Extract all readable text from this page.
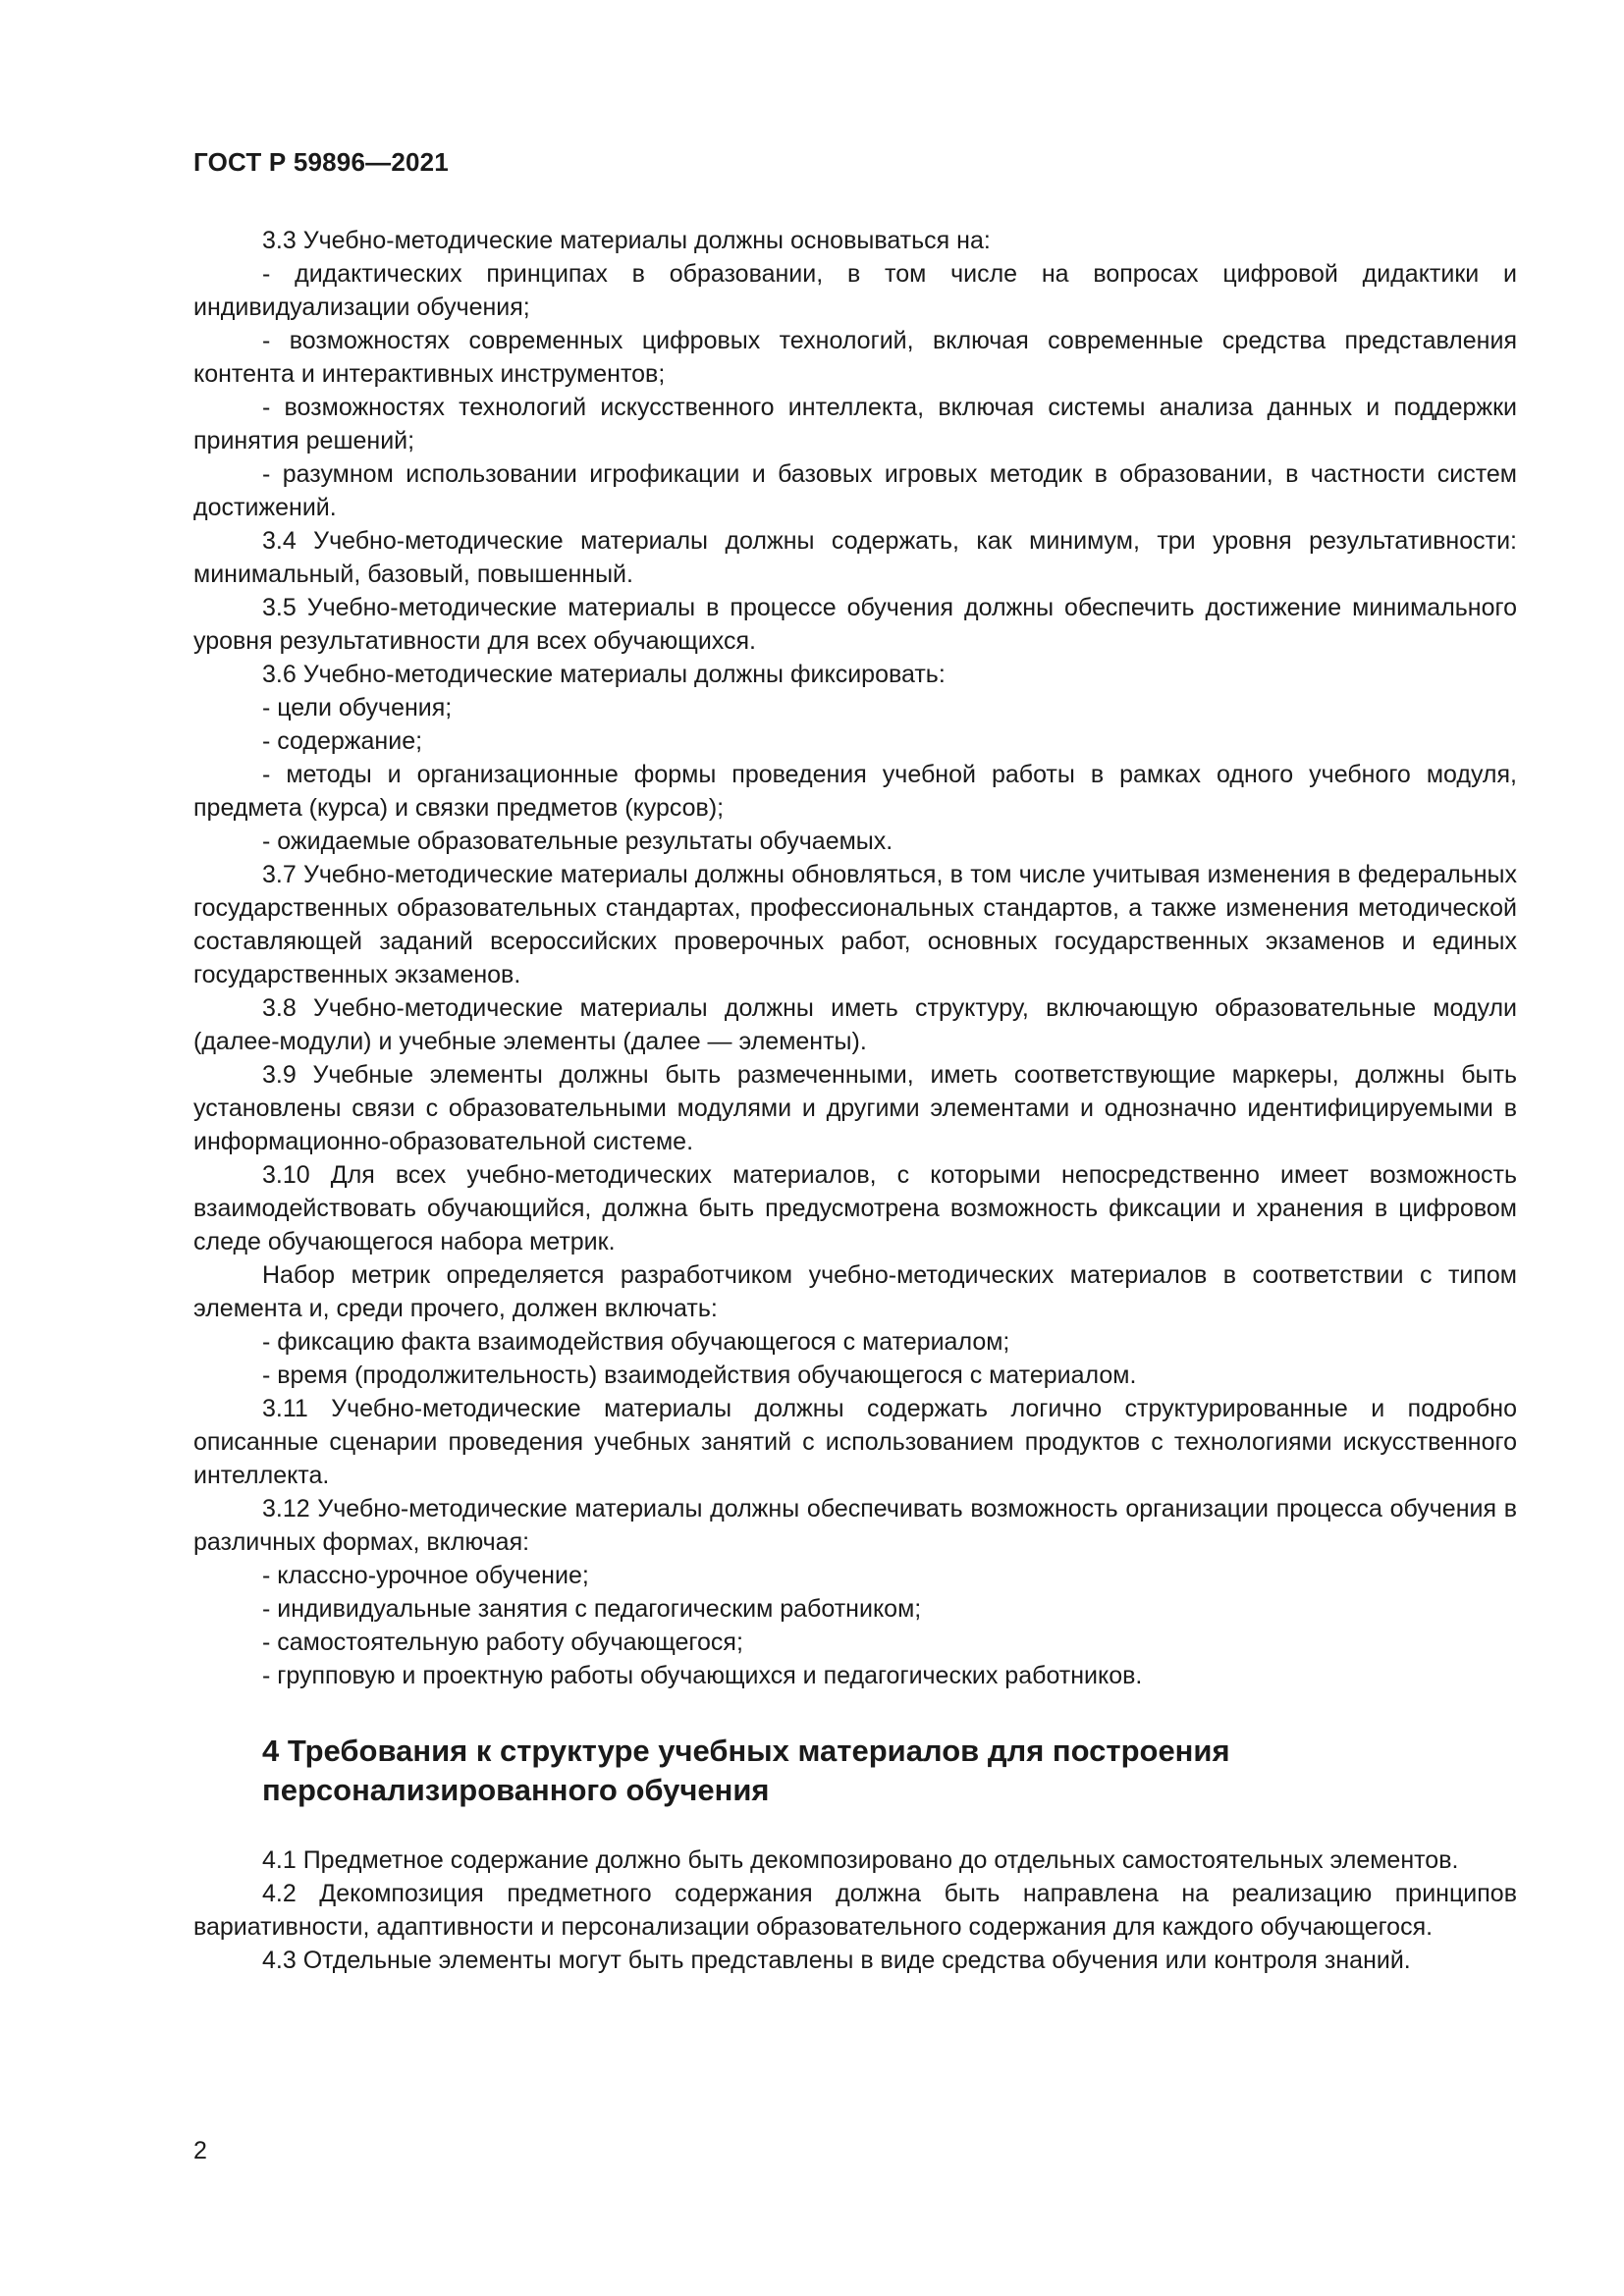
ГОСТ Р 59896—2021

3.3 Учебно-методические материалы должны основываться на:

- дидактических принципах в образовании, в том числе на вопросах цифровой дидактики и индивидуализации обучения;

- возможностях современных цифровых технологий, включая современные средства представления контента и интерактивных инструментов;

- возможностях технологий искусственного интеллекта, включая системы анализа данных и поддержки принятия решений;

- разумном использовании игрофикации и базовых игровых методик в образовании, в частности систем достижений.

3.4 Учебно-методические материалы должны содержать, как минимум, три уровня результативности: минимальный, базовый, повышенный.

3.5 Учебно-методические материалы в процессе обучения должны обеспечить достижение минимального уровня результативности для всех обучающихся.

3.6 Учебно-методические материалы должны фиксировать:

- цели обучения;

- содержание;

- методы и организационные формы проведения учебной работы в рамках одного учебного модуля, предмета (курса) и связки предметов (курсов);

- ожидаемые образовательные результаты обучаемых.

3.7 Учебно-методические материалы должны обновляться, в том числе учитывая изменения в федеральных государственных образовательных стандартах, профессиональных стандартов, а также изменения методической составляющей заданий всероссийских проверочных работ, основных государственных экзаменов и единых государственных экзаменов.

3.8 Учебно-методические материалы должны иметь структуру, включающую образовательные модули (далее-модули) и учебные элементы (далее — элементы).

3.9 Учебные элементы должны быть размеченными, иметь соответствующие маркеры, должны быть установлены связи с образовательными модулями и другими элементами и однозначно идентифицируемыми в информационно-образовательной системе.

3.10 Для всех учебно-методических материалов, с которыми непосредственно имеет возможность взаимодействовать обучающийся, должна быть предусмотрена возможность фиксации и хранения в цифровом следе обучающегося набора метрик.

Набор метрик определяется разработчиком учебно-методических материалов в соответствии с типом элемента и, среди прочего, должен включать:

- фиксацию факта взаимодействия обучающегося с материалом;

- время (продолжительность) взаимодействия обучающегося с материалом.

3.11 Учебно-методические материалы должны содержать логично структурированные и подробно описанные сценарии проведения учебных занятий с использованием продуктов с технологиями искусственного интеллекта.

3.12 Учебно-методические материалы должны обеспечивать возможность организации процесса обучения в различных формах, включая:

- классно-урочное обучение;

- индивидуальные занятия с педагогическим работником;

- самостоятельную работу обучающегося;

- групповую и проектную работы обучающихся и педагогических работников.

4 Требования к структуре учебных материалов для построения персонализированного обучения

4.1 Предметное содержание должно быть декомпозировано до отдельных самостоятельных элементов.

4.2 Декомпозиция предметного содержания должна быть направлена на реализацию принципов вариативности, адаптивности и персонализации образовательного содержания для каждого обучающегося.

4.3 Отдельные элементы могут быть представлены в виде средства обучения или контроля знаний.

2
